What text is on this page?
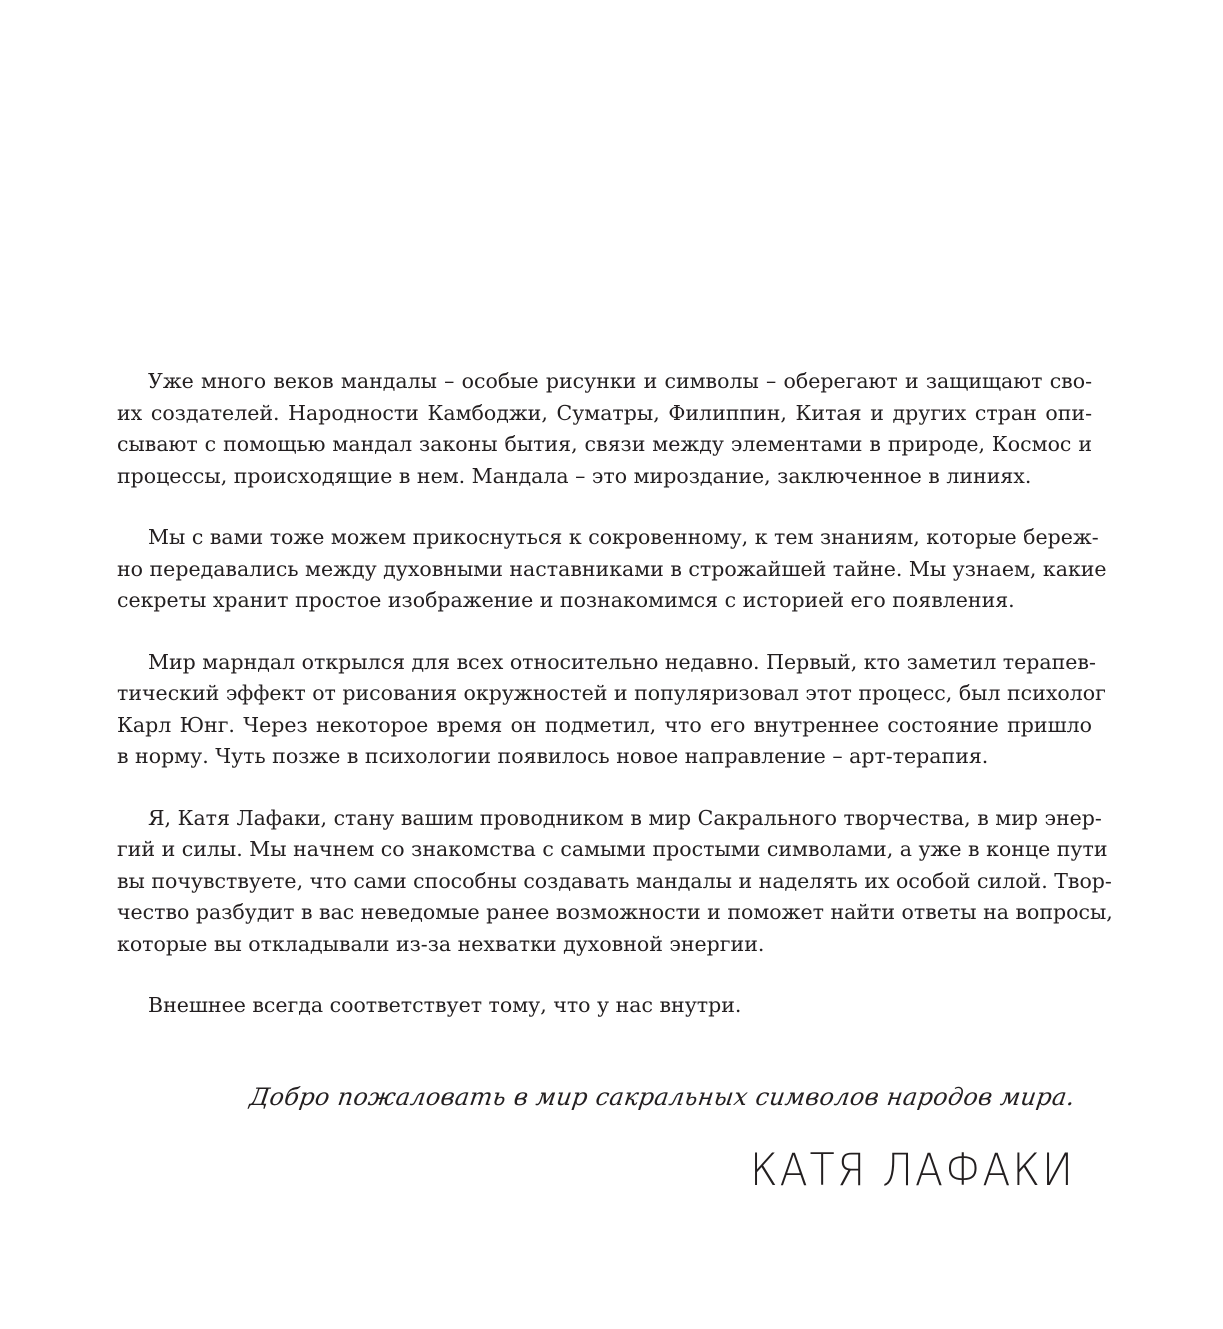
Уже много веков мандалы – особые рисунки и символы – оберегают и защищают сво-
их создателей. Народности Камбоджи, Суматры, Филиппин, Китая и других стран опи-
сывают с помощью мандал законы бытия, связи между элементами в природе, Космос и
процессы, происходящие в нем. Мандала – это мироздание, заключенное в линиях.

Мы с вами тоже можем прикоснуться к сокровенному, к тем знаниям, которые береж-
но передавались между духовными наставниками в строжайшей тайне. Мы узнаем, какие
секреты хранит простое изображение и познакомимся с историей его появления.

Мир марндал открылся для всех относительно недавно. Первый, кто заметил терапев-
тический эффект от рисования окружностей и популяризовал этот процесс, был психолог
Карл Юнг. Через некоторое время он подметил, что его внутреннее состояние пришло
в норму. Чуть позже в психологии появилось новое направление – арт-терапия.

Я, Катя Лафаки, стану вашим проводником в мир Сакрального творчества, в мир энер-
гий и силы. Мы начнем со знакомства с самыми простыми символами, а уже в конце пути
вы почувствуете, что сами способны создавать мандалы и наделять их особой силой. Твор-
чество разбудит в вас неведомые ранее возможности и поможет найти ответы на вопросы,
которые вы откладывали из-за нехватки духовной энергии.

Внешнее всегда соответствует тому, что у нас внутри.

Добро пожаловать в мир сакральных символов народов мира.
КАТЯ ЛАФАКИ
